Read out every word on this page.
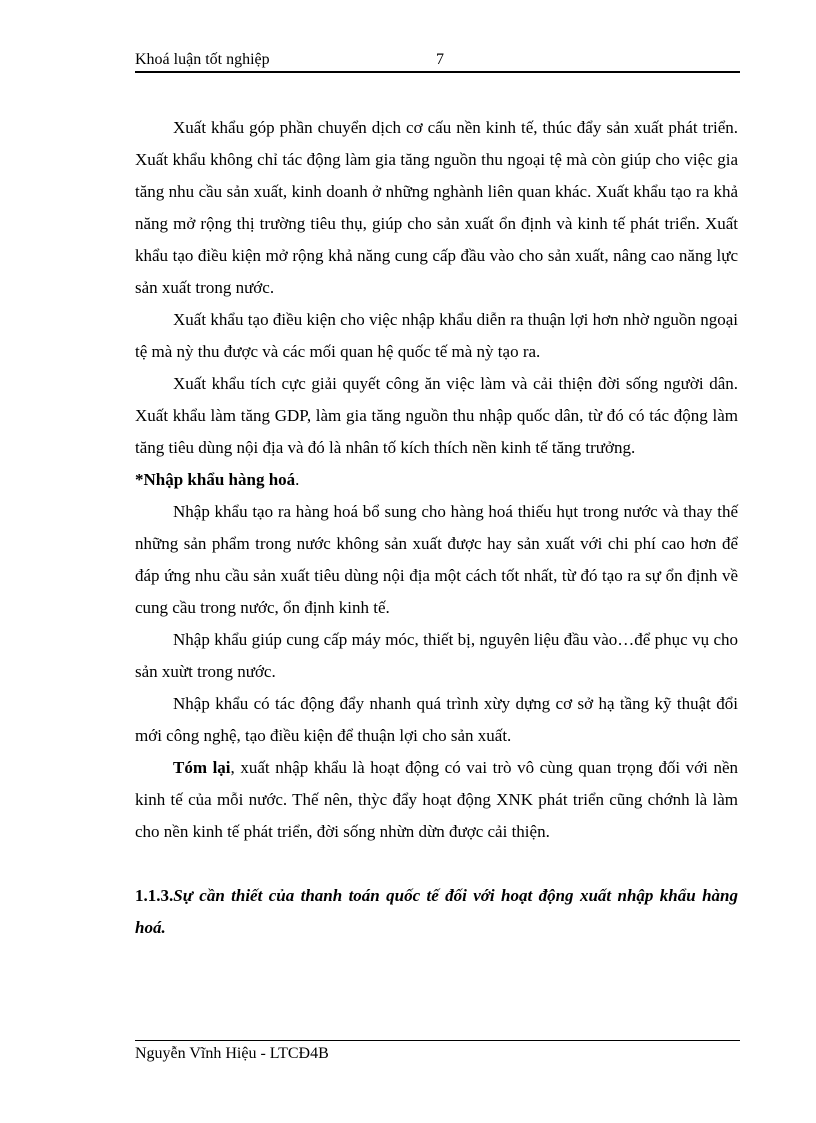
Khoá luận tốt nghiệp	7

Xuất khẩu góp phần chuyển dịch cơ cấu nền kinh tế, thúc đẩy sản xuất phát triển. Xuất khẩu không chỉ tác động làm gia tăng nguồn thu ngoại tệ mà còn giúp cho việc gia tăng nhu cầu sản xuất, kinh doanh ở những nghành liên quan khác. Xuất khẩu tạo ra khả năng mở rộng thị trường tiêu thụ, giúp cho sản xuất ổn định và kinh tế phát triển. Xuất khẩu tạo điều kiện mở rộng khả năng cung cấp đầu vào cho sản xuất, nâng cao năng lực sản xuất trong nước.

Xuất khẩu tạo điều kiện cho việc nhập khẩu diễn ra thuận lợi hơn nhờ nguồn ngoại tệ mà nỳ thu được và các mối quan hệ quốc tế mà nỳ tạo ra.

Xuất khẩu tích cực giải quyết công ăn việc làm và cải thiện đời sống người dân. Xuất khẩu làm tăng GDP, làm gia tăng nguồn thu nhập quốc dân, từ đó có tác động làm tăng tiêu dùng nội địa và đó là nhân tố kích thích nền kinh tế tăng trưởng.

*Nhập khẩu hàng hoá.

Nhập khẩu tạo ra hàng hoá bổ sung cho hàng hoá thiếu hụt trong nước và thay thế những sản phẩm trong nước không sản xuất được hay sản xuất với chi phí cao hơn để đáp ứng nhu cầu sản xuất tiêu dùng nội địa một cách tốt nhất, từ đó tạo ra sự ổn định về cung cầu trong nước, ổn định kinh tế.

Nhập khẩu giúp cung cấp máy móc, thiết bị, nguyên liệu đầu vào…để phục vụ cho sản xuừt trong nước.

Nhập khẩu có tác động đẩy nhanh quá trình xừy dựng cơ sở hạ tầng kỹ thuật đổi mới công nghệ, tạo điều kiện để thuận lợi cho sản xuất.

Tóm lại, xuất nhập khẩu là hoạt động có vai trò vô cùng quan trọng đối với nền kinh tế của mỗi nước. Thế nên, thỳc đẩy hoạt động XNK phát triển cũng chớnh là làm cho nền kinh tế phát triển, đời sống nhừn dừn được cải thiện.

1.1.3.Sự cần thiết của thanh toán quốc tế đối với hoạt động xuất nhập khẩu hàng hoá.

Nguyễn Vĩnh Hiệu - LTCĐ4B
